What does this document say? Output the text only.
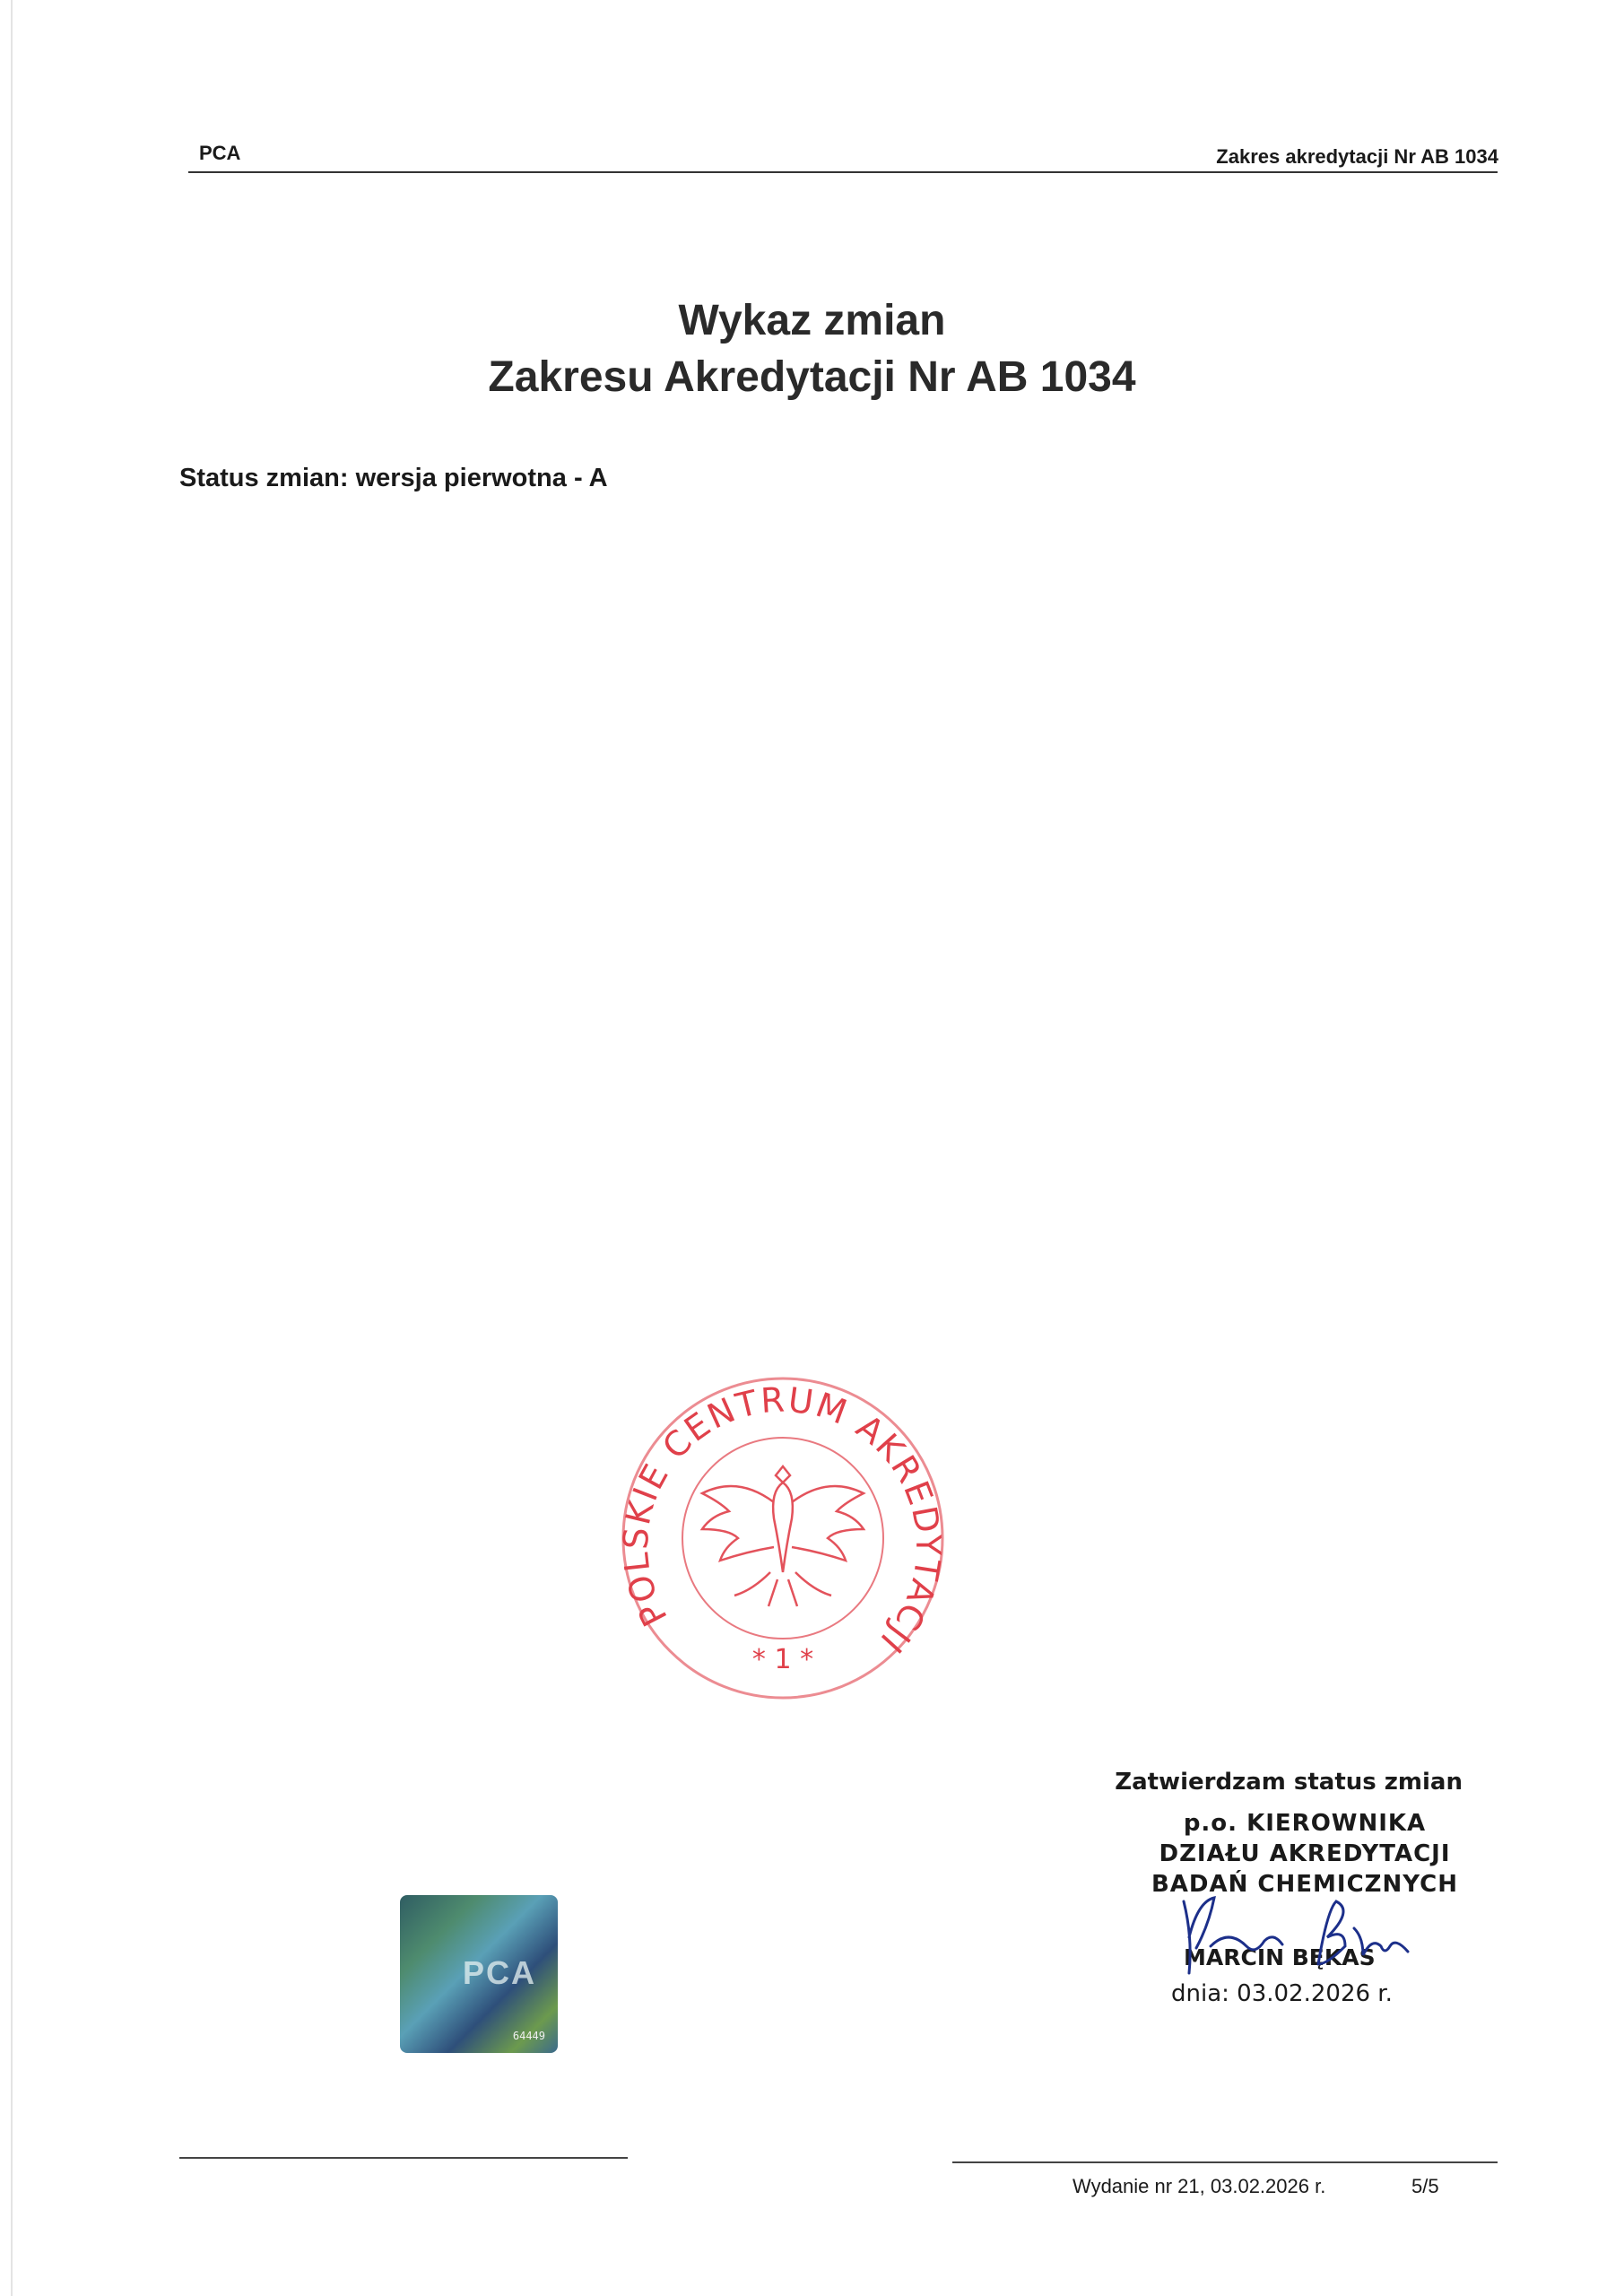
PCA	Zakres akredytacji Nr AB 1034
Wykaz zmian
Zakresu Akredytacji Nr AB 1034
Status zmian: wersja pierwotna - A
POLSKIE CENTRUM AKREDYTACJI
* 1 *
Zatwierdzam status zmian
p.o. KIEROWNIKA
DZIAŁU AKREDYTACJI
BADAŃ CHEMICZNYCH
MARCIN BĘKAS
dnia: 03.02.2026 r.
PCA
64449
Wydanie nr 21, 03.02.2026 r.	5/5
